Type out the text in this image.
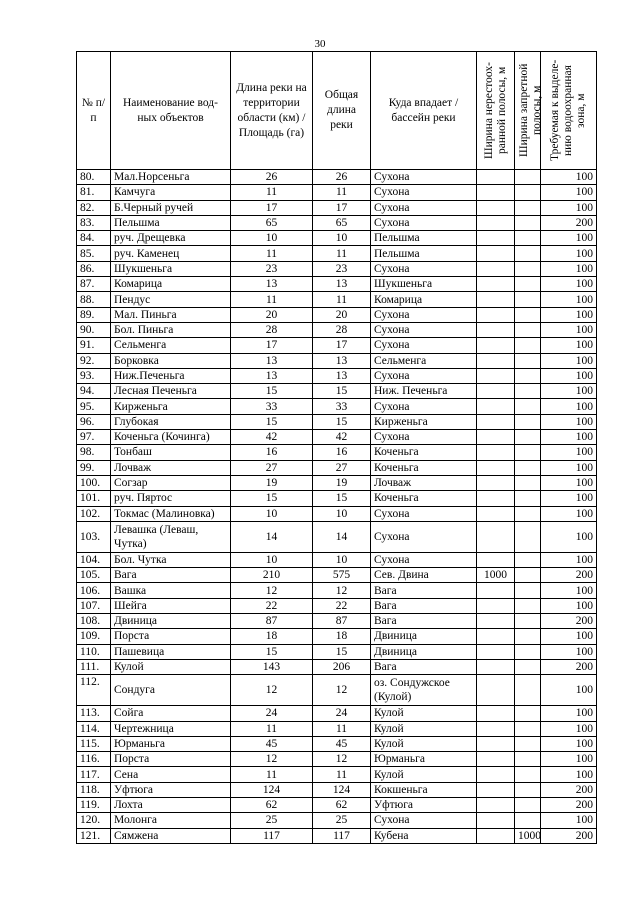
30
№ п/п	Наименование вод-ных объектов	Длина реки на территории области (км) / Площадь (га)	Общая длина реки	Куда впадает / бассейн реки	Ширина нерестоох-ранной полосы, м	Ширина запретной полосы, м	Требуемая к выделе-нию водоохранная зона, м

80.	Мал.Норсеньга	26	26	Сухона			100
81.	Камчуга	11	11	Сухона			100
82.	Б.Черный ручей	17	17	Сухона			100
83.	Пельшма	65	65	Сухона			200
84.	руч. Дрещевка	10	10	Пельшма			100
85.	руч. Каменец	11	11	Пельшма			100
86.	Шукшеньга	23	23	Сухона			100
87.	Комарица	13	13	Шукшеньга			100
88.	Пендус	11	11	Комарица			100
89.	Мал. Пиньга	20	20	Сухона			100
90.	Бол. Пиньга	28	28	Сухона			100
91.	Сельменга	17	17	Сухона			100
92.	Борковка	13	13	Сельменга			100
93.	Ниж.Печеньга	13	13	Сухона			100
94.	Лесная Печеньга	15	15	Ниж. Печеньга			100
95.	Кирженьга	33	33	Сухона			100
96.	Глубокая	15	15	Кирженьга			100
97.	Коченьга (Кочинга)	42	42	Сухона			100
98.	Тонбаш	16	16	Коченьга			100
99.	Лочваж	27	27	Коченьга			100
100.	Согзар	19	19	Лочваж			100
101.	руч. Пяртос	15	15	Коченьга			100
102.	Токмас (Малиновка)	10	10	Сухона			100
103.	Левашка (Леваш, Чутка)	14	14	Сухона			100
104.	Бол. Чутка	10	10	Сухона			100
105.	Вага	210	575	Сев. Двина	1000		200
106.	Вашка	12	12	Вага			100
107.	Шейга	22	22	Вага			100
108.	Двиница	87	87	Вага			200
109.	Порста	18	18	Двиница			100
110.	Пашевица	15	15	Двиница			100
111.	Кулой	143	206	Вага			200
112.	Сондуга	12	12	оз. Сондужское (Кулой)			100
113.	Сойга	24	24	Кулой			100
114.	Чертежница	11	11	Кулой			100
115.	Юрманьга	45	45	Кулой			100
116.	Порста	12	12	Юрманьга			100
117.	Сена	11	11	Кулой			100
118.	Уфтюга	124	124	Кокшеньга			200
119.	Лохта	62	62	Уфтюга			200
120.	Молонга	25	25	Сухона			100
121.	Сямжена	117	117	Кубена		1000	200
